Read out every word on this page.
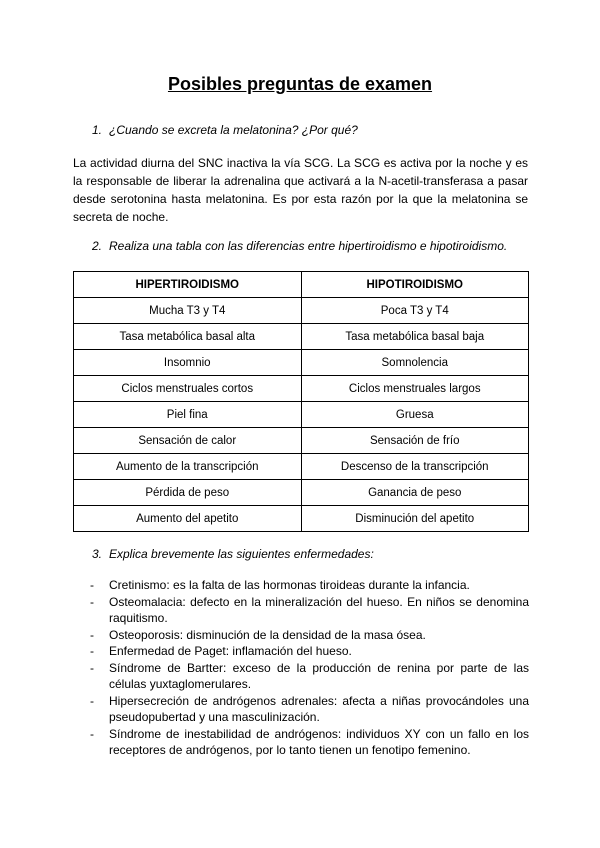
Posibles preguntas de examen
1. ¿Cuando se excreta la melatonina? ¿Por qué?
La actividad diurna del SNC inactiva la vía SCG. La SCG es activa por la noche y es la responsable de liberar la adrenalina que activará a la N-acetil-transferasa a pasar desde serotonina hasta melatonina. Es por esta razón por la que la melatonina se secreta de noche.
2. Realiza una tabla con las diferencias entre hipertiroidismo e hipotiroidismo.
HIPERTIROIDISMO	HIPOTIROIDISMO
Mucha T3 y T4	Poca T3 y T4
Tasa metabólica basal alta	Tasa metabólica basal baja
Insomnio	Somnolencia
Ciclos menstruales cortos	Ciclos menstruales largos
Piel fina	Gruesa
Sensación de calor	Sensación de frío
Aumento de la transcripción	Descenso de la transcripción
Pérdida de peso	Ganancia de peso
Aumento del apetito	Disminución del apetito
3. Explica brevemente las siguientes enfermedades:
- Cretinismo: es la falta de las hormonas tiroideas durante la infancia.
- Osteomalacia: defecto en la mineralización del hueso. En niños se denomina raquitismo.
- Osteoporosis: disminución de la densidad de la masa ósea.
- Enfermedad de Paget: inflamación del hueso.
- Síndrome de Bartter: exceso de la producción de renina por parte de las células yuxtaglomerulares.
- Hipersecreción de andrógenos adrenales: afecta a niñas provocándoles una pseudopubertad y una masculinización.
- Síndrome de inestabilidad de andrógenos: individuos XY con un fallo en los receptores de andrógenos, por lo tanto tienen un fenotipo femenino.
